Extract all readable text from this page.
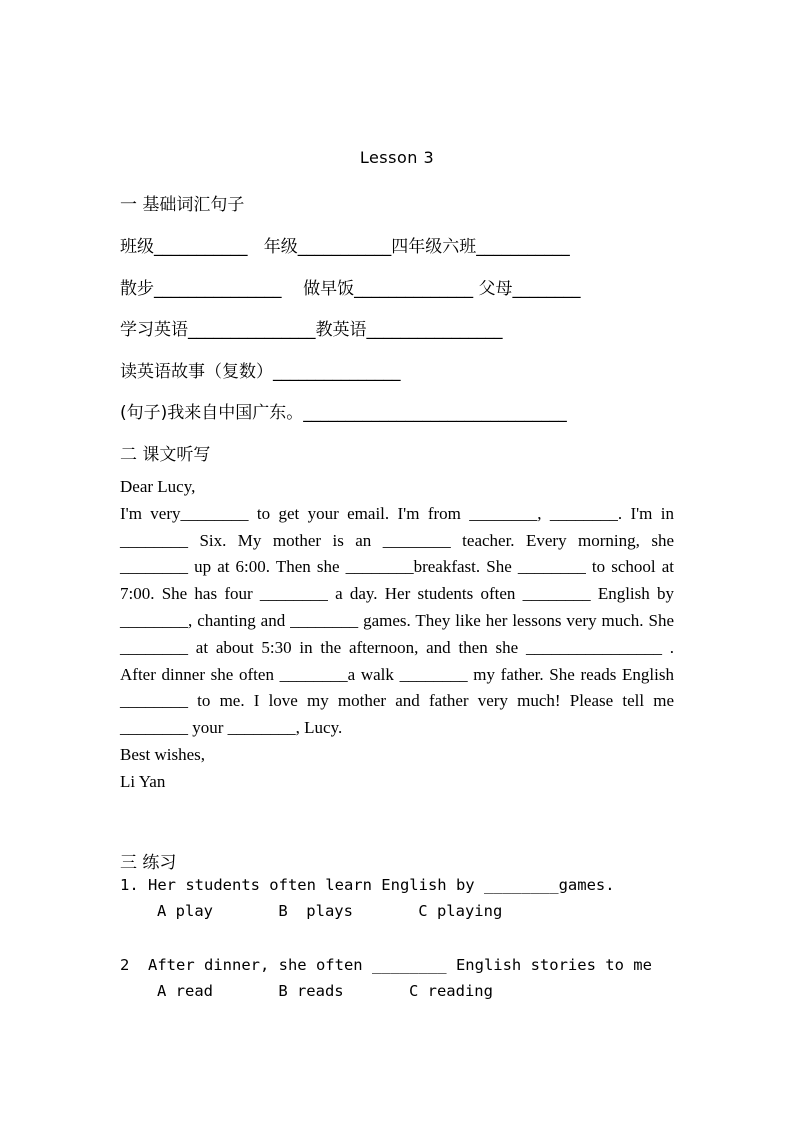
Lesson 3
一 基础词汇句子
班级___________   年级___________四年级六班___________
散步_______________    做早饭______________ 父母________
学习英语_______________教英语________________
读英语故事（复数）_______________
(句子)我来自中国广东。_______________________________
二 课文听写

Dear Lucy,

I'm very________ to get your email. I'm from ________, ________. I'm in ________ Six. My mother is an ________ teacher. Every morning, she ________ up at 6:00. Then she ________breakfast. She ________ to school at 7:00. She has four ________ a day. Her students often ________ English by ________, chanting and ________ games. They like her lessons very much. She ________ at about 5:30 in the afternoon, and then she ________________ . After dinner she often ________a walk ________ my father. She reads English ________ to me. I love my mother and father very much! Please tell me ________ your ________, Lucy.

Best wishes,

Li Yan

三 练习
1. Her students often learn English by ________games.
A play       B  plays       C playing
2  After dinner, she often ________ English stories to me
A read       B reads       C reading
